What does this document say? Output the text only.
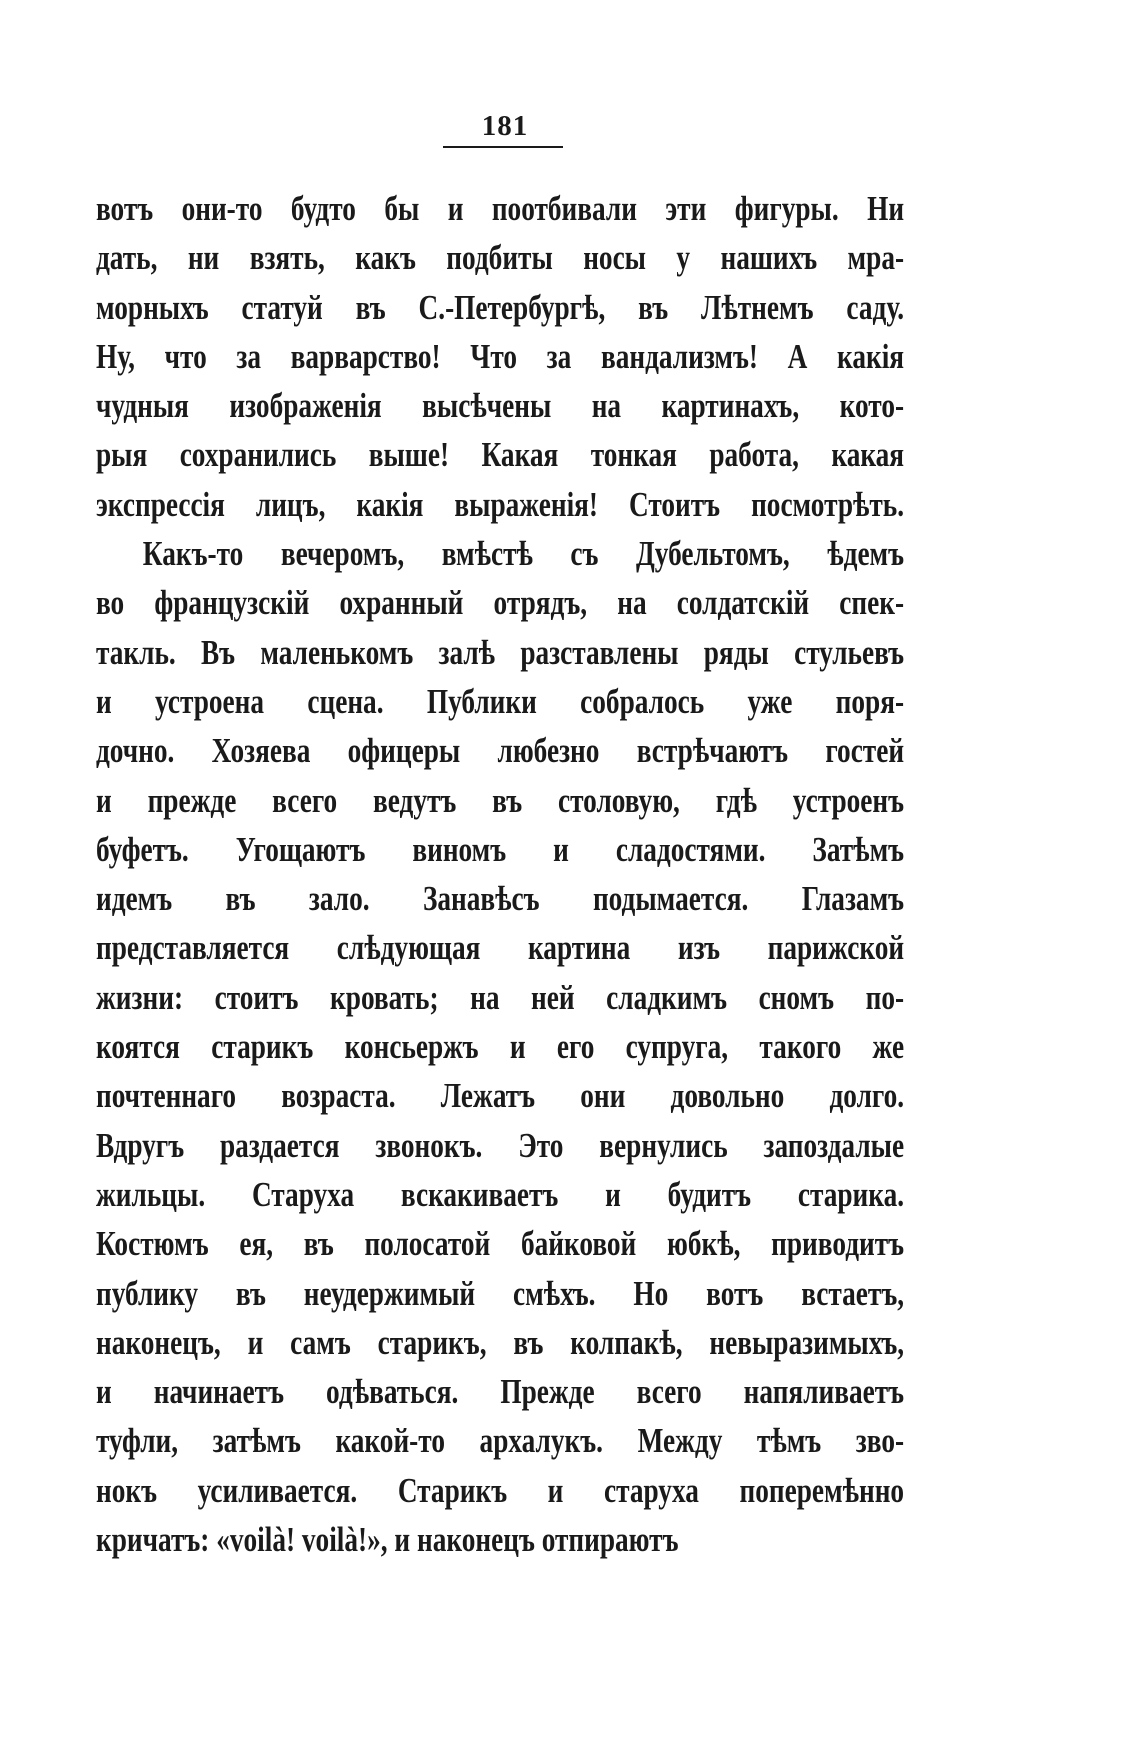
181
вотъ они-то будто бы и поотбивали эти фигуры. Ни
дать, ни взять, какъ подбиты носы у нашихъ мра-
морныхъ статуй въ С.-Петербургѣ, въ Лѣтнемъ саду.
Ну, что за варварство! Что за вандализмъ! А какія
чудныя изображенія высѣчены на картинахъ, кото-
рыя сохранились выше! Какая тонкая работа, какая
экспрессія лицъ, какія выраженія! Стоитъ посмотрѣть.
Какъ-то вечеромъ, вмѣстѣ съ Дубельтомъ, ѣдемъ
во французскій охранный отрядъ, на солдатскій спек-
такль. Въ маленькомъ залѣ разставлены ряды стульевъ
и устроена сцена. Публики собралось уже поря-
дочно. Хозяева офицеры любезно встрѣчаютъ гостей
и прежде всего ведутъ въ столовую, гдѣ устроенъ
буфетъ. Угощаютъ виномъ и сладостями. Затѣмъ
идемъ въ зало. Занавѣсъ подымается. Глазамъ
представляется слѣдующая картина изъ парижской
жизни: стоитъ кровать; на ней сладкимъ сномъ по-
коятся старикъ консьержъ и его супруга, такого же
почтеннаго возраста. Лежатъ они довольно долго.
Вдругъ раздается звонокъ. Это вернулись запоздалые
жильцы. Старуха вскакиваетъ и будитъ старика.
Костюмъ ея, въ полосатой байковой юбкѣ, приводитъ
публику въ неудержимый смѣхъ. Но вотъ встаетъ,
наконецъ, и самъ старикъ, въ колпакѣ, невыразимыхъ,
и начинаетъ одѣваться. Прежде всего напяливаетъ
туфли, затѣмъ какой-то архалукъ. Между тѣмъ зво-
нокъ усиливается. Старикъ и старуха поперемѣнно
кричатъ: «voilà! voilà!», и наконецъ отпираютъ
